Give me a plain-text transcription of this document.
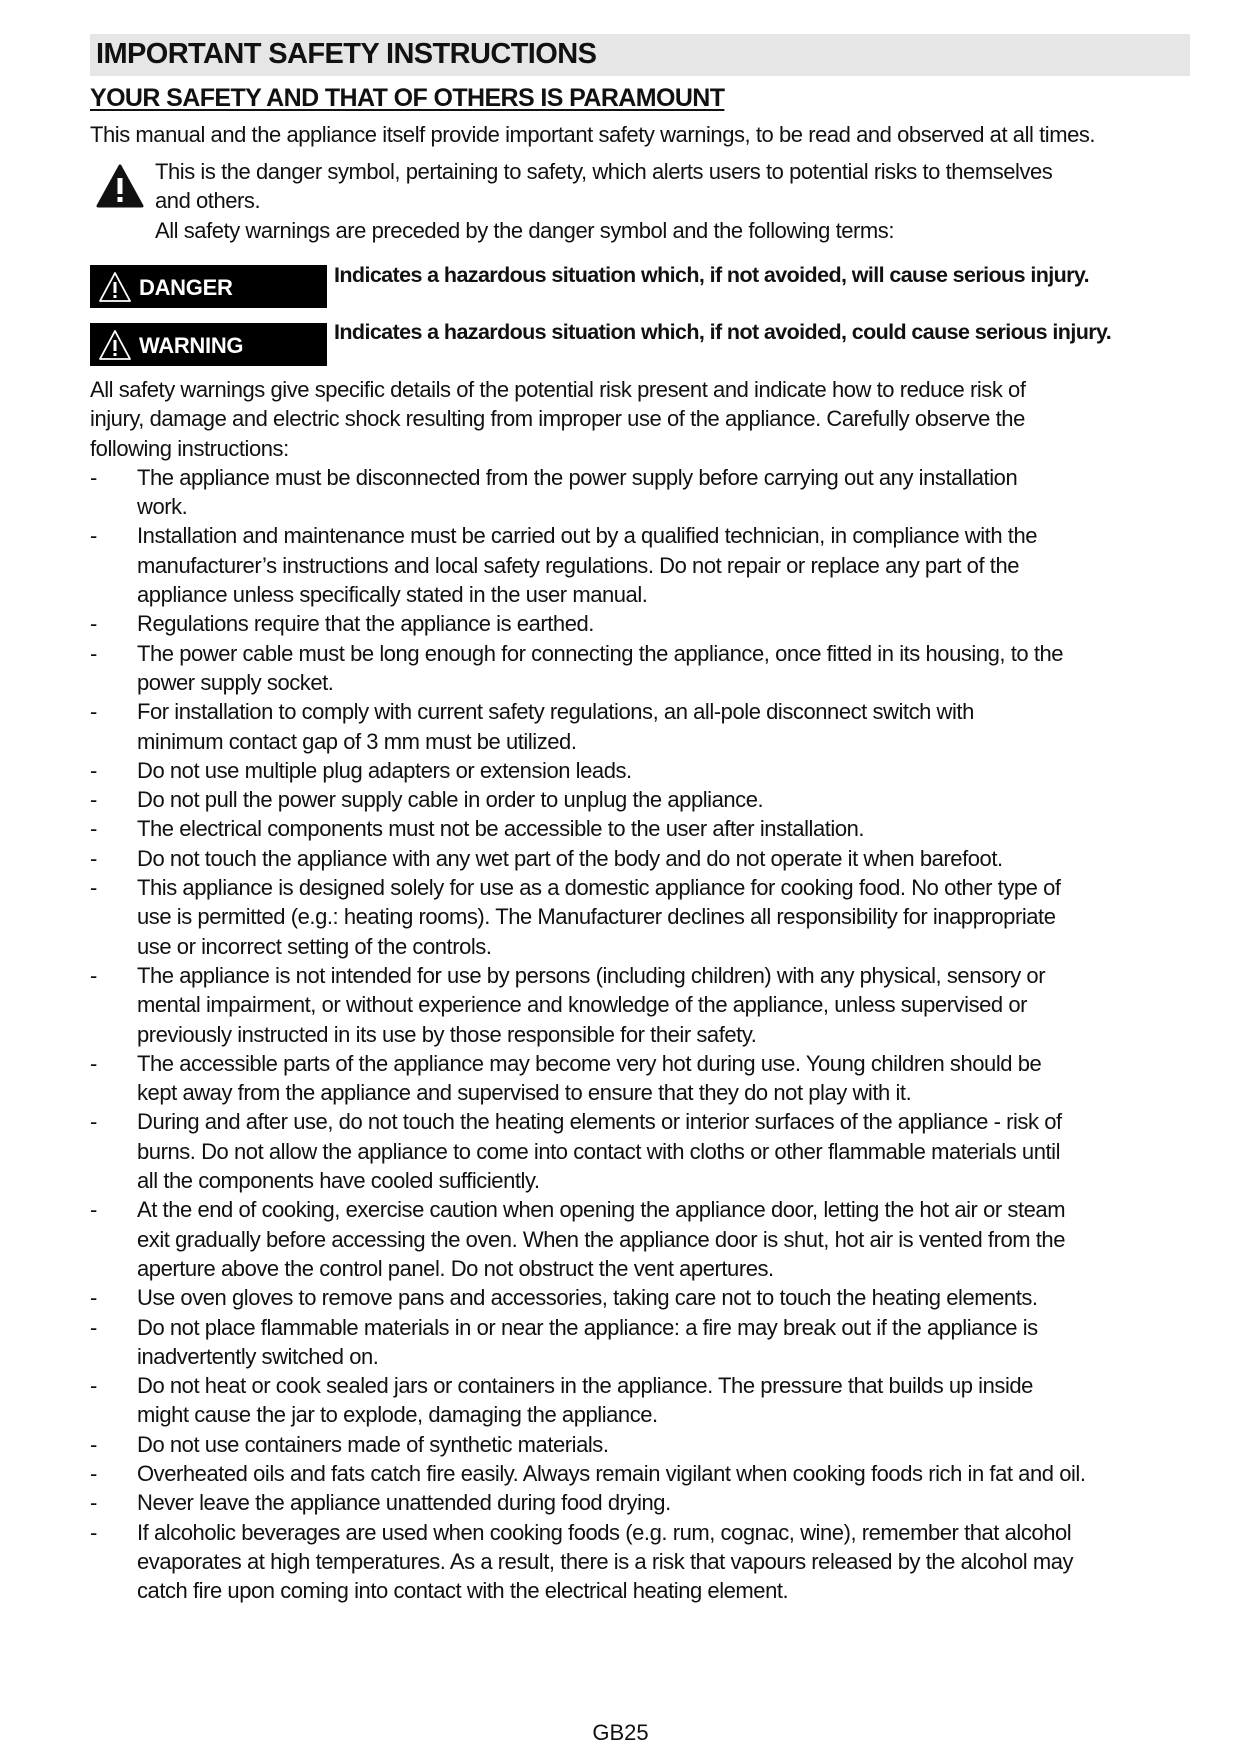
IMPORTANT SAFETY INSTRUCTIONS
YOUR SAFETY AND THAT OF OTHERS IS PARAMOUNT
This manual and the appliance itself provide important safety warnings, to be read and observed at all times.
This is the danger symbol, pertaining to safety, which alerts users to potential risks to themselves
and others.
All safety warnings are preceded by the danger symbol and the following terms:
DANGER	Indicates a hazardous situation which, if not avoided, will cause serious injury.
WARNING
Indicates a hazardous situation which, if not avoided, could cause serious injury.
All safety warnings give specific details of the potential risk present and indicate how to reduce risk of
injury, damage and electric shock resulting from improper use of the appliance. Carefully observe the
following instructions:
- The appliance must be disconnected from the power supply before carrying out any installation
work.
- Installation and maintenance must be carried out by a qualified technician, in compliance with the
manufacturer’s instructions and local safety regulations. Do not repair or replace any part of the
appliance unless specifically stated in the user manual.
- Regulations require that the appliance is earthed.
- The power cable must be long enough for connecting the appliance, once fitted in its housing, to the
power supply socket.
- For installation to comply with current safety regulations, an all-pole disconnect switch with
minimum contact gap of 3 mm must be utilized.
- Do not use multiple plug adapters or extension leads.
- Do not pull the power supply cable in order to unplug the appliance.
- The electrical components must not be accessible to the user after installation.
- Do not touch the appliance with any wet part of the body and do not operate it when barefoot.
- This appliance is designed solely for use as a domestic appliance for cooking food. No other type of
use is permitted (e.g.: heating rooms). The Manufacturer declines all responsibility for inappropriate
use or incorrect setting of the controls.
- The appliance is not intended for use by persons (including children) with any physical, sensory or
mental impairment, or without experience and knowledge of the appliance, unless supervised or
previously instructed in its use by those responsible for their safety.
- The accessible parts of the appliance may become very hot during use. Young children should be
kept away from the appliance and supervised to ensure that they do not play with it.
- During and after use, do not touch the heating elements or interior surfaces of the appliance - risk of
burns. Do not allow the appliance to come into contact with cloths or other flammable materials until
all the components have cooled sufficiently.
- At the end of cooking, exercise caution when opening the appliance door, letting the hot air or steam
exit gradually before accessing the oven. When the appliance door is shut, hot air is vented from the
aperture above the control panel. Do not obstruct the vent apertures.
- Use oven gloves to remove pans and accessories, taking care not to touch the heating elements.
- Do not place flammable materials in or near the appliance: a fire may break out if the appliance is
inadvertently switched on.
- Do not heat or cook sealed jars or containers in the appliance. The pressure that builds up inside
might cause the jar to explode, damaging the appliance.
- Do not use containers made of synthetic materials.
- Overheated oils and fats catch fire easily. Always remain vigilant when cooking foods rich in fat and oil.
- Never leave the appliance unattended during food drying.
- If alcoholic beverages are used when cooking foods (e.g. rum, cognac, wine), remember that alcohol
evaporates at high temperatures. As a result, there is a risk that vapours released by the alcohol may
catch fire upon coming into contact with the electrical heating element.
GB25
